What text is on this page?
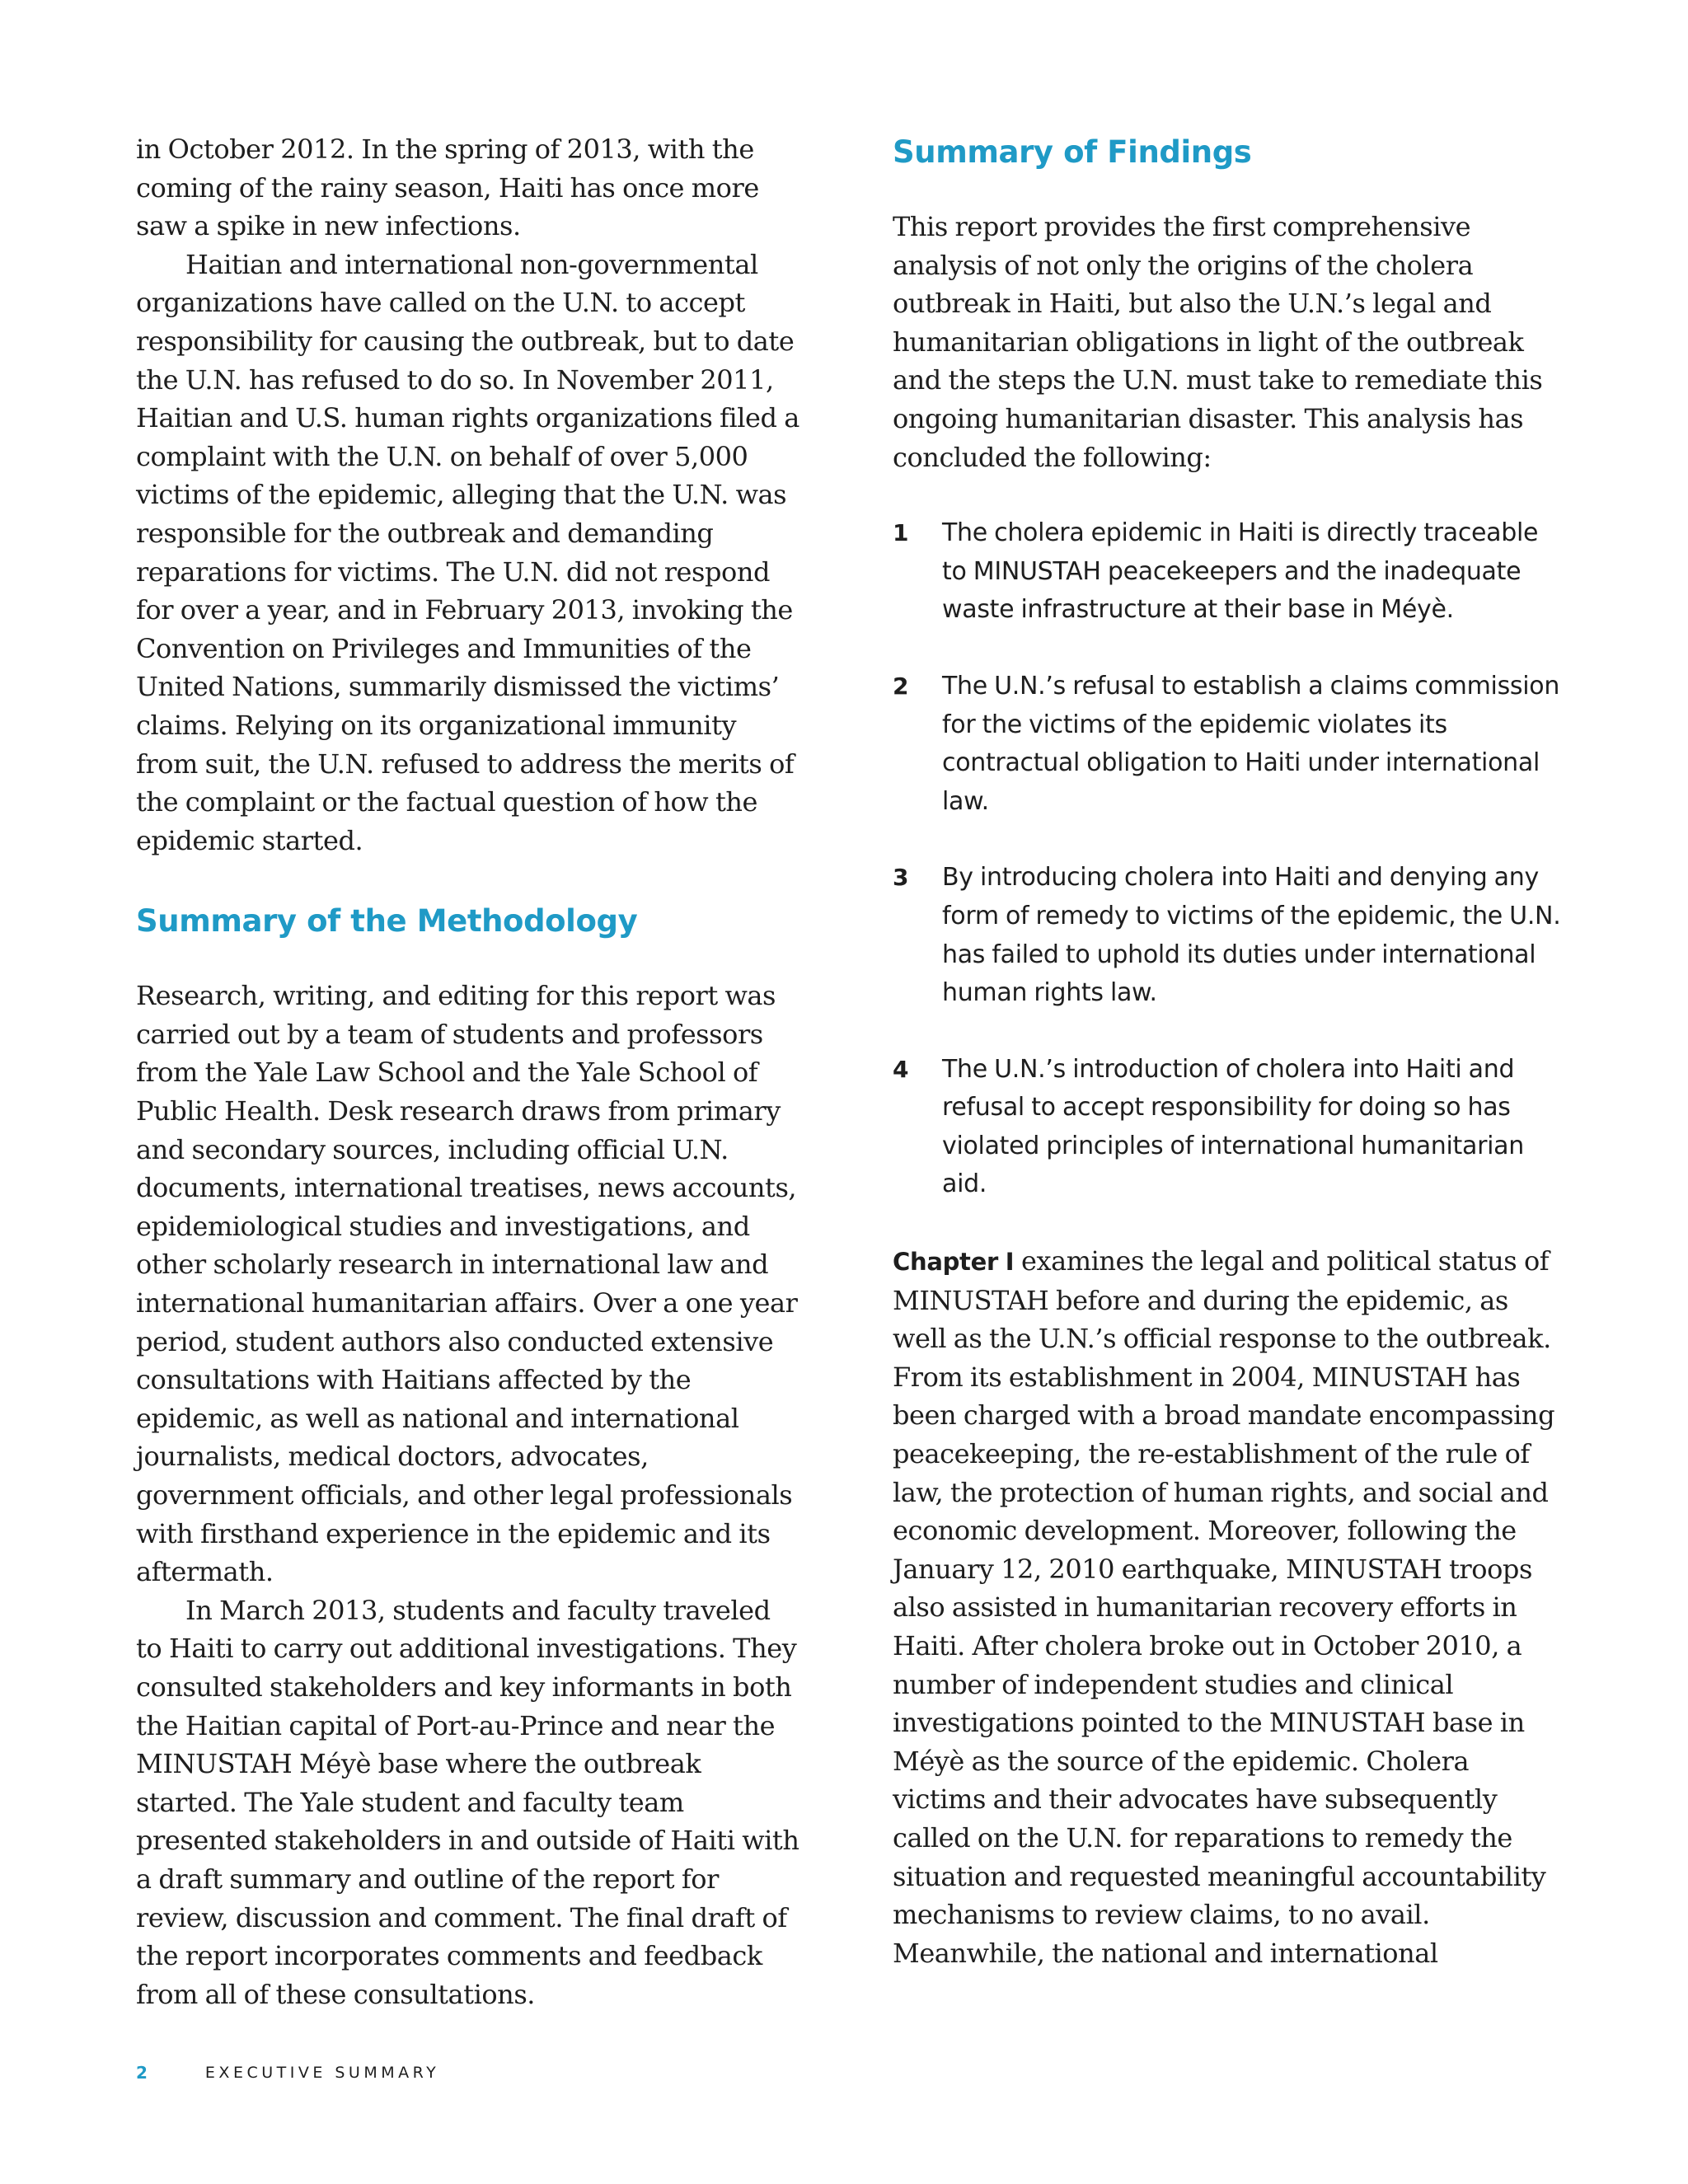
in October 2012. In the spring of 2013, with the coming of the rainy season, Haiti has once more saw a spike in new infections.

Haitian and international non-governmental organizations have called on the U.N. to accept responsibility for causing the outbreak, but to date the U.N. has refused to do so. In November 2011, Haitian and U.S. human rights organizations filed a complaint with the U.N. on behalf of over 5,000 victims of the epidemic, alleging that the U.N. was responsible for the outbreak and demanding reparations for victims. The U.N. did not respond for over a year, and in February 2013, invoking the Convention on Privileges and Immunities of the United Nations, summarily dismissed the victims’ claims. Relying on its organizational immunity from suit, the U.N. refused to address the merits of the complaint or the factual question of how the epidemic started.

Summary of the Methodology

Research, writing, and editing for this report was carried out by a team of students and professors from the Yale Law School and the Yale School of Public Health. Desk research draws from primary and secondary sources, including official U.N. documents, international treatises, news accounts, epidemiological studies and investigations, and other scholarly research in international law and international humanitarian affairs. Over a one year period, student authors also conducted extensive consultations with Haitians affected by the epidemic, as well as national and international journalists, medical doctors, advocates, government officials, and other legal professionals with firsthand experience in the epidemic and its aftermath.

In March 2013, students and faculty traveled to Haiti to carry out additional investigations. They consulted stakeholders and key informants in both the Haitian capital of Port-au-Prince and near the MINUSTAH Méyè base where the outbreak started. The Yale student and faculty team presented stakeholders in and outside of Haiti with a draft summary and outline of the report for review, discussion and comment. The final draft of the report incorporates comments and feedback from all of these consultations.

Summary of Findings

This report provides the first comprehensive analysis of not only the origins of the cholera outbreak in Haiti, but also the U.N.’s legal and humanitarian obligations in light of the outbreak and the steps the U.N. must take to remediate this ongoing humanitarian disaster. This analysis has concluded the following:

1 The cholera epidemic in Haiti is directly traceable to MINUSTAH peacekeepers and the inadequate waste infrastructure at their base in Méyè.
2 The U.N.’s refusal to establish a claims commission for the victims of the epidemic violates its contractual obligation to Haiti under international law.
3 By introducing cholera into Haiti and denying any form of remedy to victims of the epidemic, the U.N. has failed to uphold its duties under international human rights law.
4 The U.N.’s introduction of cholera into Haiti and refusal to accept responsibility for doing so has violated principles of international humanitarian aid.

Chapter I examines the legal and political status of MINUSTAH before and during the epidemic, as well as the U.N.’s official response to the outbreak. From its establishment in 2004, MINUSTAH has been charged with a broad mandate encompassing peacekeeping, the re-establishment of the rule of law, the protection of human rights, and social and economic development. Moreover, following the January 12, 2010 earthquake, MINUSTAH troops also assisted in humanitarian recovery efforts in Haiti. After cholera broke out in October 2010, a number of independent studies and clinical investigations pointed to the MINUSTAH base in Méyè as the source of the epidemic. Cholera victims and their advocates have subsequently called on the U.N. for reparations to remedy the situation and requested meaningful accountability mechanisms to review claims, to no avail. Meanwhile, the national and international

2	EXECUTIVE SUMMARY
